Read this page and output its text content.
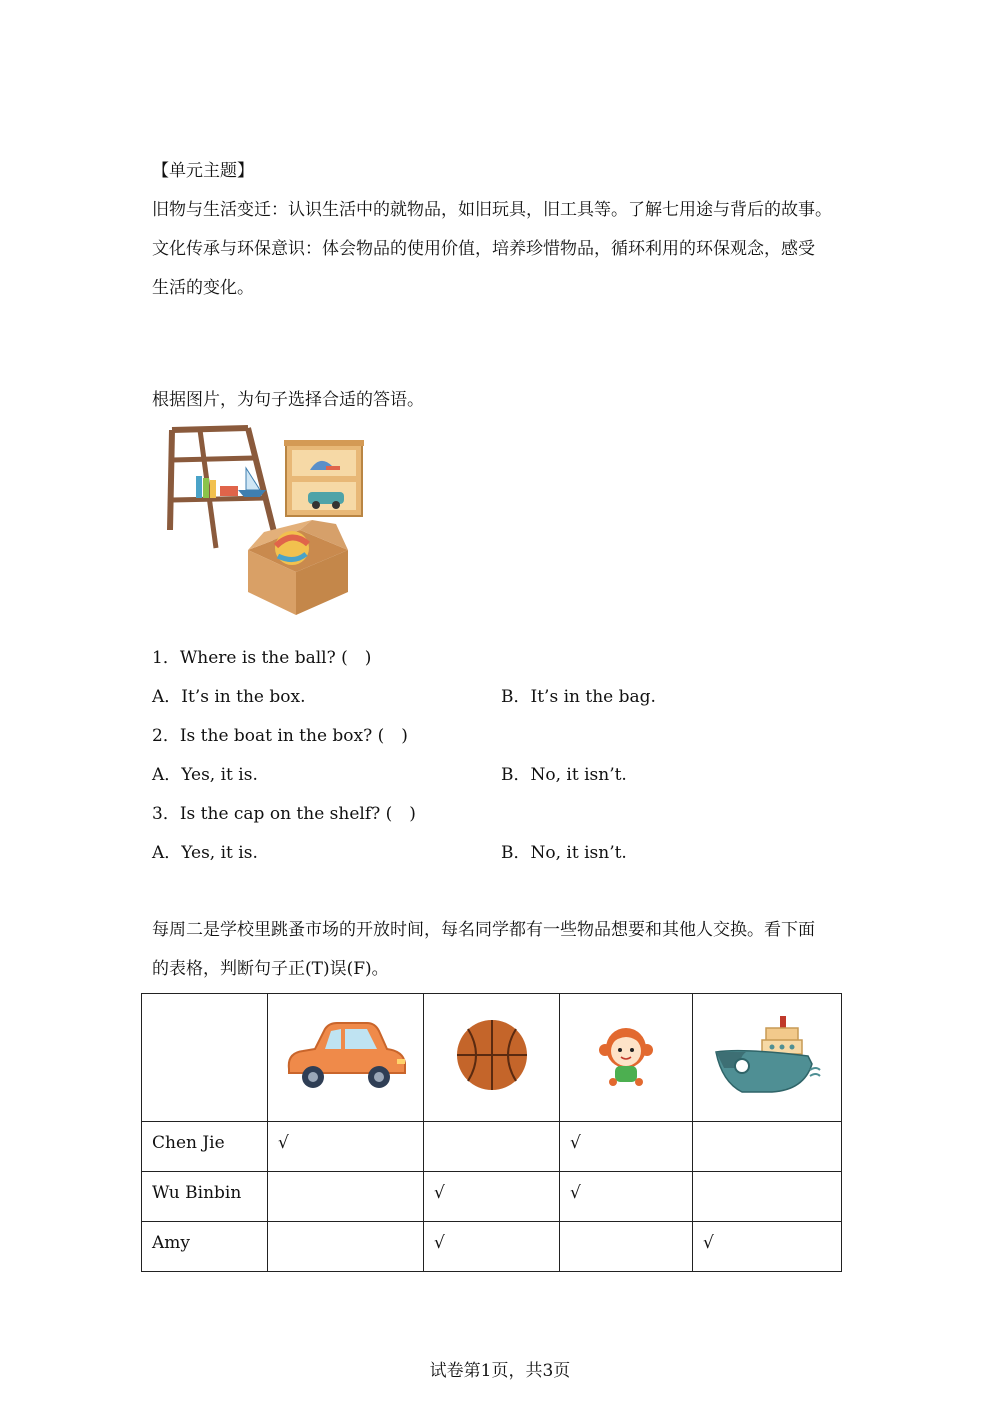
【单元主题】
旧物与生活变迁：认识生活中的就物品，如旧玩具，旧工具等。了解七用途与背后的故事。
文化传承与环保意识：体会物品的使用价值，培养珍惜物品，循环利用的环保观念，感受
生活的变化。
根据图片，为句子选择合适的答语。
1．Where is the ball? (　)
A．It’s in the box.	B．It’s in the bag.
2．Is the boat in the box? (　)
A．Yes, it is.	B．No, it isn’t.
3．Is the cap on the shelf? (　)
A．Yes, it is.	B．No, it isn’t.
每周二是学校里跳蚤市场的开放时间，每名同学都有一些物品想要和其他人交换。看下面
的表格，判断句子正(T)误(F)。

Chen Jie	√		√	

Wu Binbin		√	√	

Amy		√		√
试卷第1页，共3页
